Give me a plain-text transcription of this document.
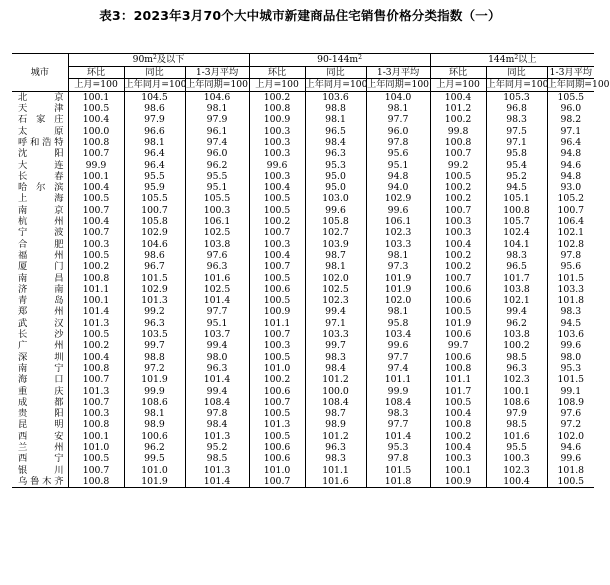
表3：2023年3月70个大中城市新建商品住宅销售价格分类指数（一）
城市	$90m^2$及以下			$90-144m^2$			$144m^2$以上		
	环比	同比	1-3月平均	环比	同比	1-3月平均	环比	同比	1-3月平均
	上月=100	上年同月=100	上年同期=100	上月=100	上年同月=100	上年同期=100	上月=100	上年同月=100	上年同期=100
北京	100.1	104.5	104.6	100.2	103.6	104.0	100.4	105.3	105.5
天津	100.5	98.6	98.1	100.8	98.8	98.1	101.2	96.8	96.0
石家庄	100.4	97.9	97.9	100.9	98.1	97.7	100.2	98.3	98.2
太原	100.0	96.6	96.1	100.3	96.5	96.0	99.8	97.5	97.1
呼和浩特	100.8	98.1	97.4	100.3	98.4	97.8	100.8	97.1	96.4
沈阳	100.7	96.4	96.0	100.3	96.3	95.6	100.7	95.8	94.8
大连	99.9	96.4	96.2	99.6	95.3	95.1	99.2	95.4	94.6
长春	100.1	95.5	95.5	100.3	95.0	94.8	100.5	95.2	94.8
哈尔滨	100.4	95.9	95.1	100.4	95.0	94.0	100.2	94.5	93.0
上海	100.5	105.5	105.5	100.5	103.0	102.9	100.2	105.1	105.2
南京	100.7	100.7	100.3	100.5	99.6	99.6	100.7	100.8	100.7
杭州	100.4	105.8	106.1	100.2	105.8	106.1	100.3	105.7	106.4
宁波	100.7	102.9	102.5	100.7	102.7	102.3	100.3	102.4	102.1
合肥	100.3	104.6	103.8	100.3	103.9	103.3	100.4	104.1	102.8
福州	100.5	98.6	97.6	100.4	98.7	98.1	100.2	98.3	97.8
厦门	100.2	96.7	96.3	100.7	98.1	97.3	100.2	96.5	95.6
南昌	100.8	101.5	101.6	100.5	102.0	101.9	100.7	101.7	101.5
济南	101.1	102.9	102.5	100.6	102.5	101.9	100.6	103.8	103.3
青岛	100.1	101.3	101.4	100.5	102.3	102.0	100.6	102.1	101.8
郑州	101.4	99.2	97.7	100.9	99.4	98.1	100.5	99.4	98.3
武汉	101.3	96.3	95.1	101.1	97.1	95.8	101.9	96.2	94.5
长沙	100.5	103.5	103.7	100.7	103.3	103.4	100.6	103.8	103.6
广州	100.2	99.7	99.4	100.3	99.7	99.6	99.7	100.2	99.6
深圳	100.4	98.8	98.0	100.5	98.3	97.7	100.6	98.5	98.0
南宁	100.8	97.2	96.3	101.0	98.4	97.4	100.8	96.3	95.3
海口	100.7	101.9	101.4	100.2	101.2	101.1	101.1	102.3	101.5
重庆	101.3	99.9	99.4	100.6	100.0	99.9	101.7	100.1	99.1
成都	100.7	108.6	108.4	100.7	108.4	108.4	100.5	108.6	108.9
贵阳	100.3	98.1	97.8	100.5	98.7	98.3	100.4	97.9	97.6
昆明	100.8	98.9	98.4	101.3	98.9	97.7	100.8	98.5	97.2
西安	100.1	100.6	101.3	100.5	101.2	101.4	100.2	101.6	102.0
兰州	101.0	96.2	95.2	100.6	96.3	95.3	100.4	95.5	94.6
西宁	100.5	99.5	98.5	100.6	98.3	97.8	100.3	100.3	99.6
银川	100.7	101.0	101.3	101.0	101.1	101.5	100.1	102.3	101.8
乌鲁木齐	100.8	101.9	101.4	100.7	101.6	101.8	100.9	100.4	100.5
